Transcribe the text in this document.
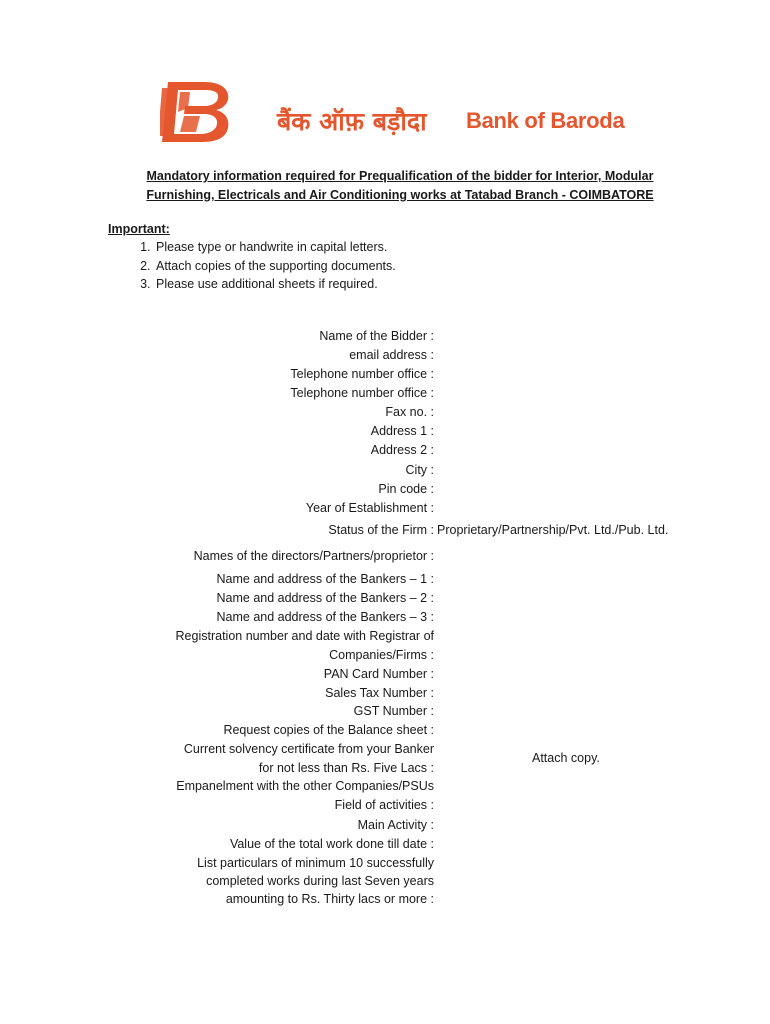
बैंक ऑफ़ बड़ौदा Bank of Baroda
Mandatory information required for Prequalification of the bidder for Interior, Modular
Furnishing, Electricals and Air Conditioning works at Tatabad Branch - COIMBATORE
Important:
1. Please type or handwrite in capital letters.
2. Attach copies of the supporting documents.
3. Please use additional sheets if required.
Name of the Bidder :
email address :
Telephone number office :
Telephone number office :
Fax no. :
Address 1 :
Address 2 :
City :
Pin code :
Year of Establishment :
Status of the Firm : Proprietary/Partnership/Pvt. Ltd./Pub. Ltd.
Names of the directors/Partners/proprietor :
Name and address of the Bankers – 1 :
Name and address of the Bankers – 2 :
Name and address of the Bankers – 3 :
Registration number and date with Registrar of
Companies/Firms :
PAN Card Number :
Sales Tax Number :
GST Number :
Request copies of the Balance sheet :
Current solvency certificate from your Banker
for not less than Rs. Five Lacs :
Attach copy.
Empanelment with the other Companies/PSUs
Field of activities :
Main Activity :
Value of the total work done till date :
List particulars of minimum 10 successfully
completed works during last Seven years
amounting to Rs. Thirty lacs or more :
